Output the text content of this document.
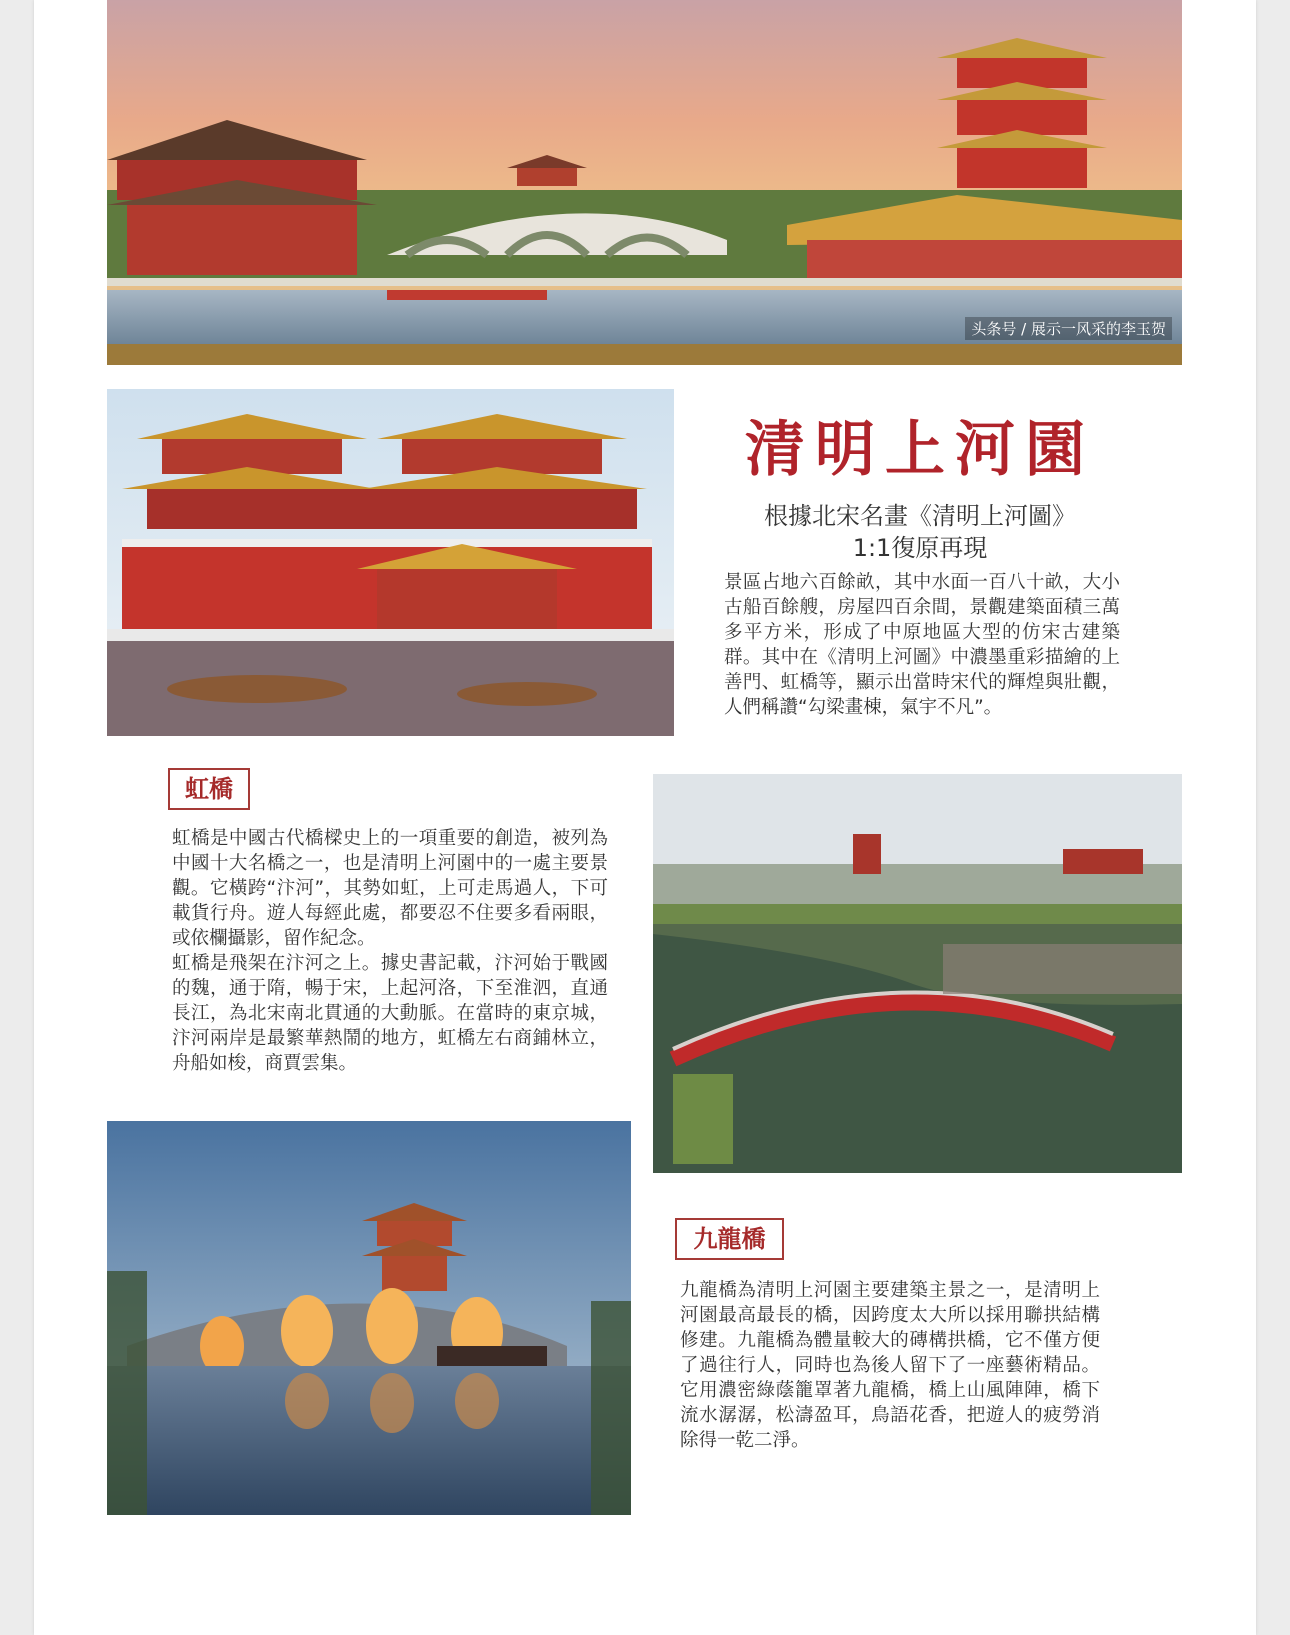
头条号 / 展示一风采的李玉贺
清明上河園
根據北宋名畫《清明上河圖》
1:1復原再現
景區占地六百餘畝，其中水面一百八十畝，大小古船百餘艘，房屋四百余間，景觀建築面積三萬多平方米，形成了中原地區大型的仿宋古建築群。其中在《清明上河圖》中濃墨重彩描繪的上善門、虹橋等，顯示出當時宋代的輝煌與壯觀，人們稱讚“勾梁畫棟，氣宇不凡”。
虹橋
虹橋是中國古代橋樑史上的一項重要的創造，被列為中國十大名橋之一，也是清明上河園中的一處主要景觀。它橫跨“汴河”，其勢如虹，上可走馬過人，下可載貨行舟。遊人每經此處，都要忍不住要多看兩眼，或依欄攝影，留作紀念。
虹橋是飛架在汴河之上。據史書記載，汴河始于戰國的魏，通于隋，暢于宋，上起河洛，下至淮泗，直通長江，為北宋南北貫通的大動脈。在當時的東京城，汴河兩岸是最繁華熱鬧的地方，虹橋左右商鋪林立，舟船如梭，商賈雲集。
九龍橋
九龍橋為清明上河園主要建築主景之一，是清明上河園最高最長的橋，因跨度太大所以採用聯拱結構修建。九龍橋為體量較大的磚構拱橋，它不僅方便了過往行人，同時也為後人留下了一座藝術精品。它用濃密綠蔭籠罩著九龍橋，橋上山風陣陣，橋下流水潺潺，松濤盈耳，鳥語花香，把遊人的疲勞消除得一乾二淨。
